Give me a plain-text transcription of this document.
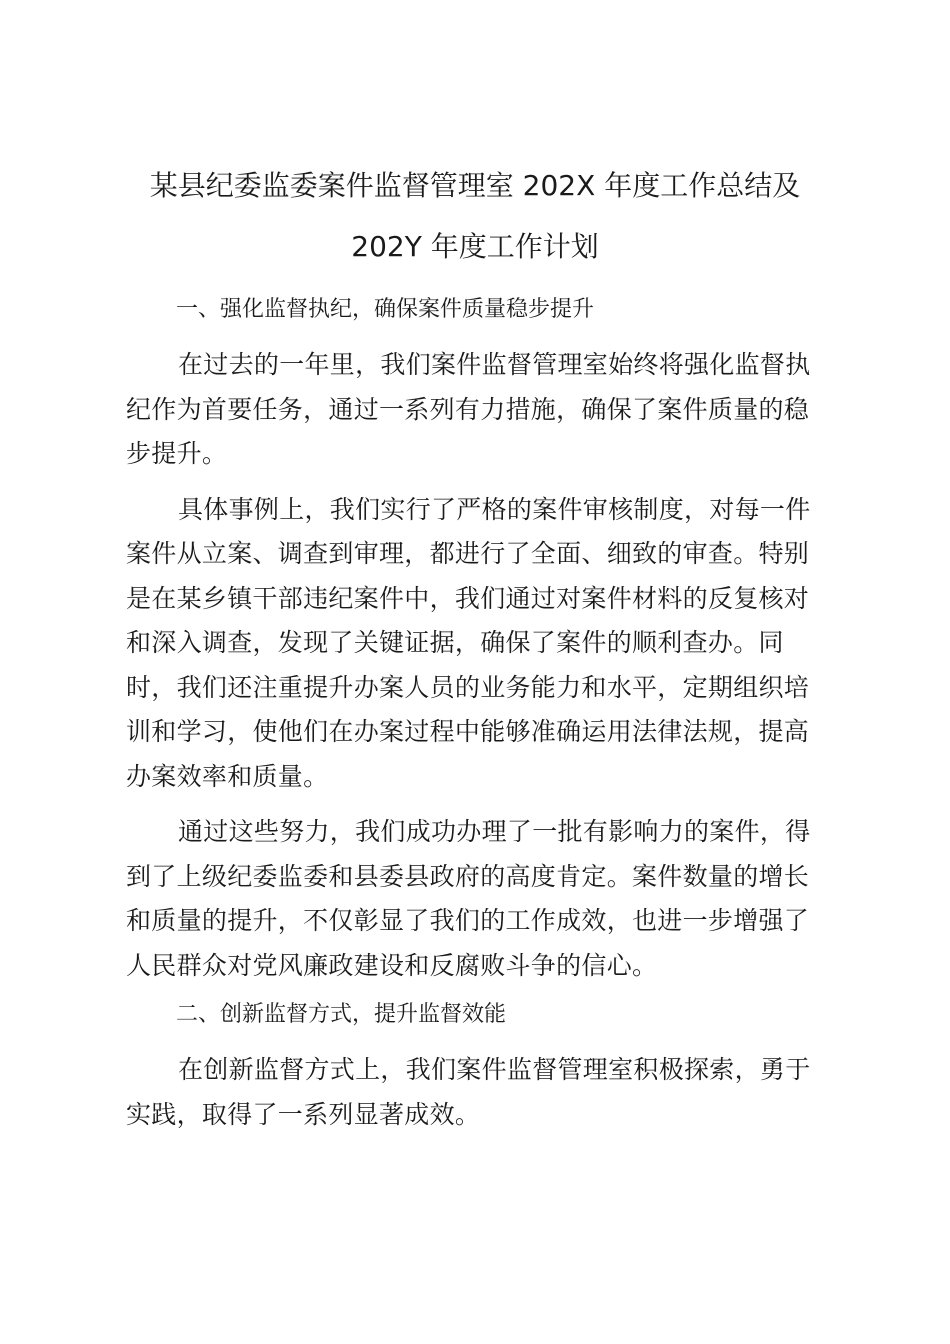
某县纪委监委案件监督管理室 202X 年度工作总结及
202Y 年度工作计划
一、强化监督执纪，确保案件质量稳步提升

在过去的一年里，我们案件监督管理室始终将强化监督执
纪作为首要任务，通过一系列有力措施，确保了案件质量的稳
步提升。

具体事例上，我们实行了严格的案件审核制度，对每一件
案件从立案、调查到审理，都进行了全面、细致的审查。特别
是在某乡镇干部违纪案件中，我们通过对案件材料的反复核对
和深入调查，发现了关键证据，确保了案件的顺利查办。同
时，我们还注重提升办案人员的业务能力和水平，定期组织培
训和学习，使他们在办案过程中能够准确运用法律法规，提高
办案效率和质量。

通过这些努力，我们成功办理了一批有影响力的案件，得
到了上级纪委监委和县委县政府的高度肯定。案件数量的增长
和质量的提升，不仅彰显了我们的工作成效，也进一步增强了
人民群众对党风廉政建设和反腐败斗争的信心。

二、创新监督方式，提升监督效能

在创新监督方式上，我们案件监督管理室积极探索，勇于
实践，取得了一系列显著成效。
